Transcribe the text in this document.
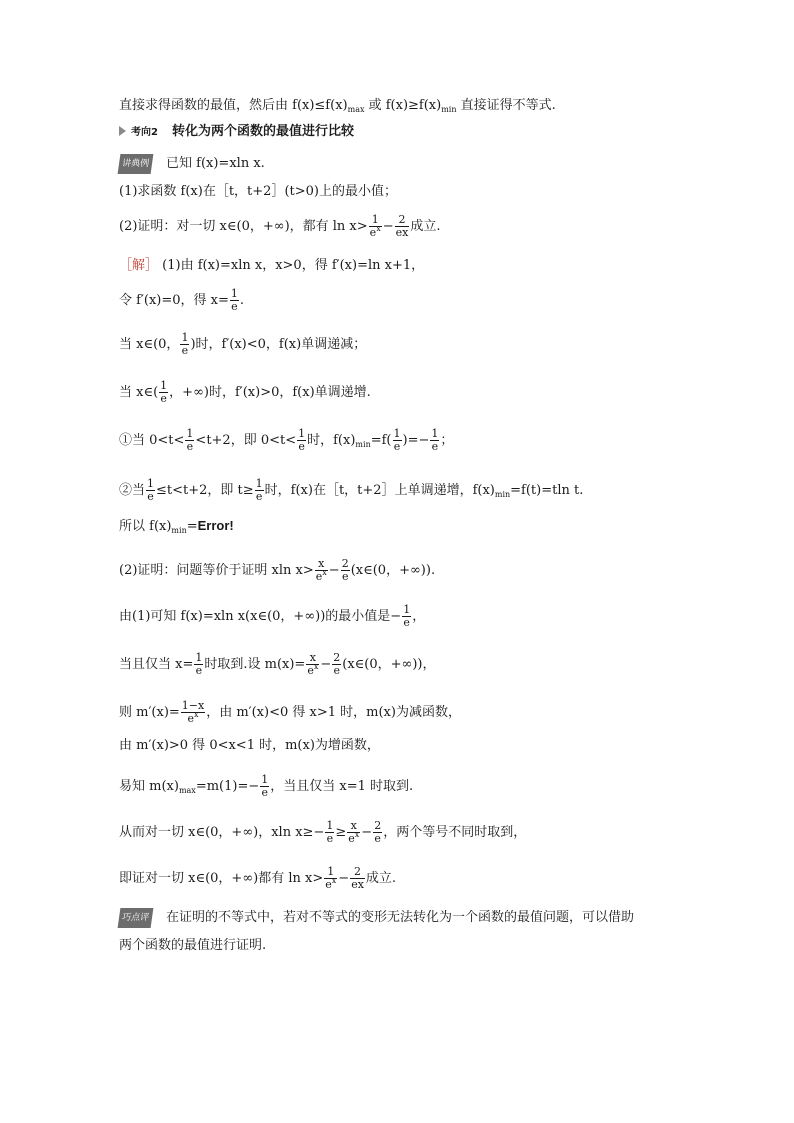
直接求得函数的最值，然后由 $f(x)\le f(x)_{max}$ 或 $f(x)\ge f(x)_{min}$ 直接证得不等式.
考向2 转化为两个函数的最值进行比较
讲典例 已知 f(x)=xln x.
(1)求函数 f(x)在［t，t+2］(t>0)上的最小值；
(2)证明：对一切 x∈(0，+∞)，都有 $\ln x> \frac{1}{e^x} - \frac{2}{ex}$ 成立.
［解］ (1)由 f(x)=xln x，x>0，得 f′(x)=ln x+1，
令 f′(x)=0，得 $x= \frac{1}{e}$ .
当 x∈(0， $\frac{1}{e}$ )时，f′(x)<0，f(x)单调递减；
当 x∈( $\frac{1}{e}$ ，+∞)时，f′(x)>0，f(x)单调递增.
①当 $0<t< \frac{1}{e} <t+2$，即 $0<t< \frac{1}{e}$ 时，$f(x)_{min}=f( \frac{1}{e}$ )=− $\frac{1}{e}$ ；
②当 $\frac{1}{e} \le t<t+2$，即 $t\ge \frac{1}{e}$ 时，f(x)在［t，t+2］上单调递增，$f(x)_{min}=f(t)=tln$ t.
所以 $f(x)_{min}=Error$!
(2)证明：问题等价于证明 xln $x> \frac{x}{e^x} - \frac{2}{e}$ (x∈(0，+∞)).
由(1)可知 f(x)=xln x(x∈(0，+∞))的最小值是− $\frac{1}{e}$ ，
当且仅当 $x= \frac{1}{e}$ 时取到.设 $m(x)= \frac{x}{e^x} - \frac{2}{e}$ (x∈(0，+∞))，
则 $m'(x)= \frac{1-x}{e^x}$ ，由 m′(x)<0 得 x>1 时，m(x)为减函数，
由 m′(x)>0 得 0<x<1 时，m(x)为增函数，
易知 $m(x)_{max}=m(1)=- \frac{1}{e}$ ，当且仅当 x=1 时取到.
从而对一切 x∈(0，+∞)，xln $x\ge- \frac{1}{e} \ge \frac{x}{e^x} - \frac{2}{e}$ ，两个等号不同时取到，
即证对一切 x∈(0，+∞)都有 $\ln x> \frac{1}{e^x} - \frac{2}{ex}$ 成立.
巧点评 在证明的不等式中，若对不等式的变形无法转化为一个函数的最值问题，可以借助
两个函数的最值进行证明.
